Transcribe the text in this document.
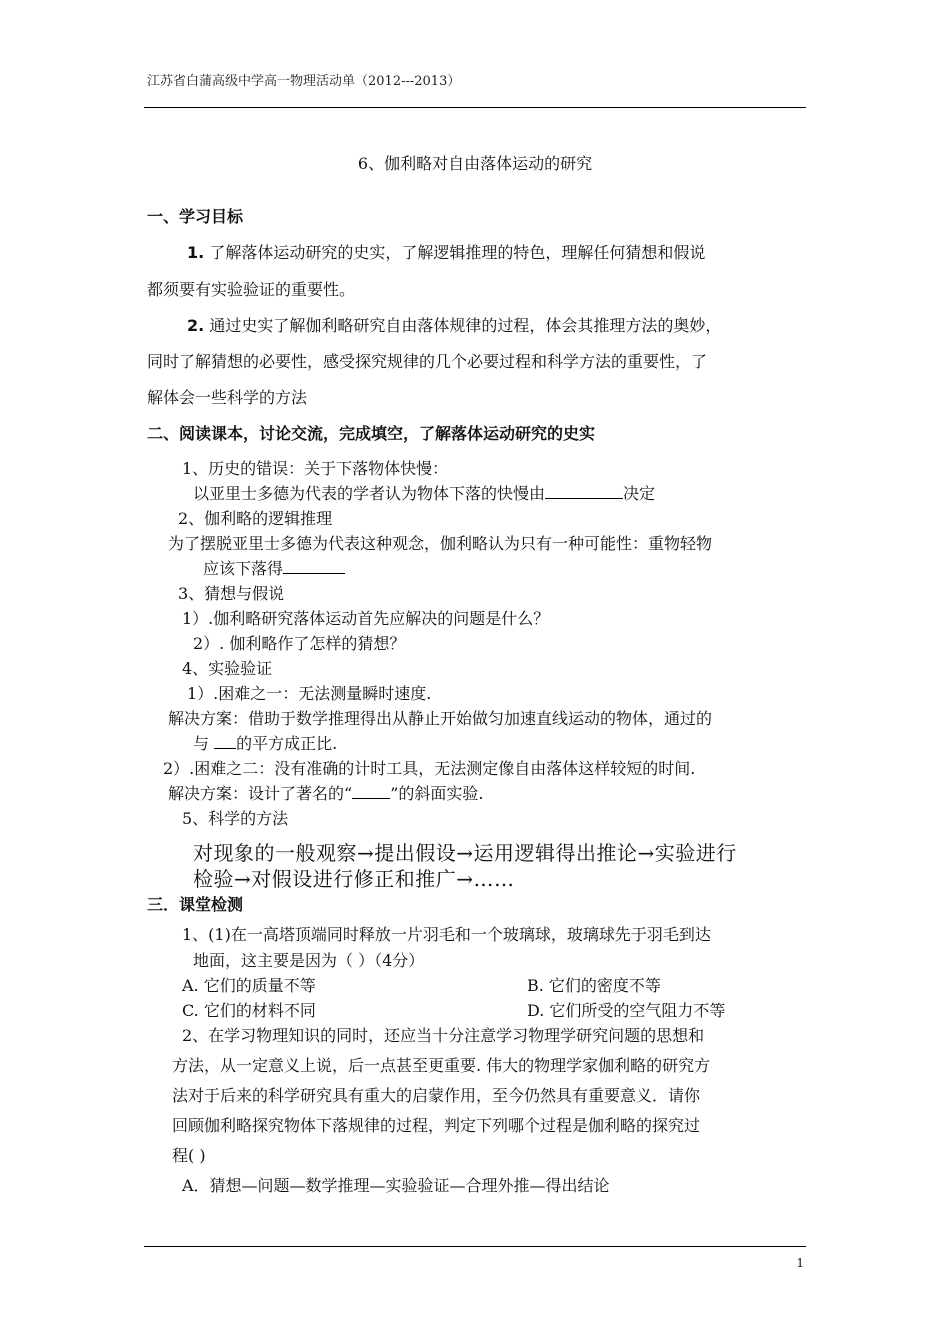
江苏省白蒲高级中学高一物理活动单（2012---2013）
6、伽利略对自由落体运动的研究
一、学习目标
1. 了解落体运动研究的史实，了解逻辑推理的特色，理解任何猜想和假说
都须要有实验验证的重要性。
2. 通过史实了解伽利略研究自由落体规律的过程，体会其推理方法的奥妙，
同时了解猜想的必要性，感受探究规律的几个必要过程和科学方法的重要性，了
解体会一些科学的方法
二、阅读课本，讨论交流，完成填空，了解落体运动研究的史实
1、历史的错误：关于下落物体快慢：
以亚里士多德为代表的学者认为物体下落的快慢由	决定
2、伽利略的逻辑推理
为了摆脱亚里士多德为代表这种观念，伽利略认为只有一种可能性：重物轻物
应该下落得
3、猜想与假说
1）.伽利略研究落体运动首先应解决的问题是什么？
2）. 伽利略作了怎样的猜想？
4、实验验证
1）.困难之一：无法测量瞬时速度.
解决方案：借助于数学推理得出从静止开始做匀加速直线运动的物体，通过的
与 的平方成正比.
2）.困难之二：没有准确的计时工具，无法测定像自由落体这样较短的时间.
解决方案：设计了著名的“ ”的斜面实验.
5、科学的方法
对现象的一般观察→提出假设→运用逻辑得出推论→实验进行
检验→对假设进行修正和推广→……
三．课堂检测
1、(1)在一高塔顶端同时释放一片羽毛和一个玻璃球，玻璃球先于羽毛到达
地面，这主要是因为（ ）（4分）
A. 它们的质量不等	B. 它们的密度不等
C. 它们的材料不同	D. 它们所受的空气阻力不等
2、在学习物理知识的同时，还应当十分注意学习物理学研究问题的思想和
方法，从一定意义上说，后一点甚至更重要. 伟大的物理学家伽利略的研究方
法对于后来的科学研究具有重大的启蒙作用，至今仍然具有重要意义．请你
回顾伽利略探究物体下落规律的过程，判定下列哪个过程是伽利略的探究过
程( )
A．猜想—问题—数学推理—实验验证—合理外推—得出结论
1
